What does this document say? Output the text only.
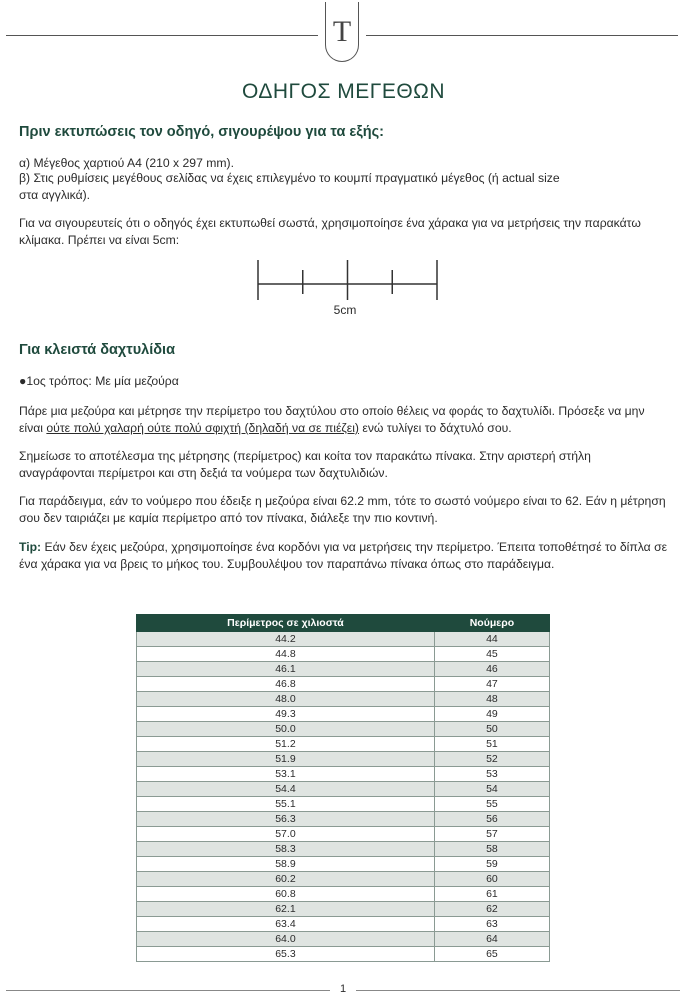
T
ΟΔΗΓΟΣ ΜΕΓΕΘΩΝ
Πριν εκτυπώσεις τον οδηγό, σιγουρέψου για τα εξής:
α) Μέγεθος χαρτιού Α4 (210 x 297 mm).
β) Στις ρυθμίσεις μεγέθους σελίδας να έχεις επιλεγμένο το κουμπί πραγματικό μέγεθος (ή actual size στα αγγλικά).
Για να σιγουρευτείς ότι ο οδηγός έχει εκτυπωθεί σωστά, χρησιμοποίησε ένα χάρακα για να μετρήσεις την παρακάτω κλίμακα. Πρέπει να είναι 5cm:
5cm
Για κλειστά δαχτυλίδια
●1ος τρόπος: Με μία μεζούρα
Πάρε μια μεζούρα και μέτρησε την περίμετρο του δαχτύλου στο οποίο θέλεις να φοράς το δαχτυλίδι. Πρόσεξε να μην είναι ούτε πολύ χαλαρή ούτε πολύ σφιχτή (δηλαδή να σε πιέζει) ενώ τυλίγει το δάχτυλό σου.
Σημείωσε το αποτέλεσμα της μέτρησης (περίμετρος) και κοίτα τον παρακάτω πίνακα. Στην αριστερή στήλη αναγράφονται περίμετροι και στη δεξιά τα νούμερα των δαχτυλιδιών.
Για παράδειγμα, εάν το νούμερο που έδειξε η μεζούρα είναι 62.2 mm, τότε το σωστό νούμερο είναι το 62. Εάν η μέτρηση σου δεν ταιριάζει με καμία περίμετρο από τον πίνακα, διάλεξε την πιο κοντινή.
Tip: Εάν δεν έχεις μεζούρα, χρησιμοποίησε ένα κορδόνι για να μετρήσεις την περίμετρο. Έπειτα τοποθέτησέ το δίπλα σε ένα χάρακα για να βρεις το μήκος του. Συμβουλέψου τον παραπάνω πίνακα όπως στο παράδειγμα.
Περίμετρος σε χιλιοστά	Νούμερο
44.2	44
44.8	45
46.1	46
46.8	47
48.0	48
49.3	49
50.0	50
51.2	51
51.9	52
53.1	53
54.4	54
55.1	55
56.3	56
57.0	57
58.3	58
58.9	59
60.2	60
60.8	61
62.1	62
63.4	63
64.0	64
65.3	65
1
